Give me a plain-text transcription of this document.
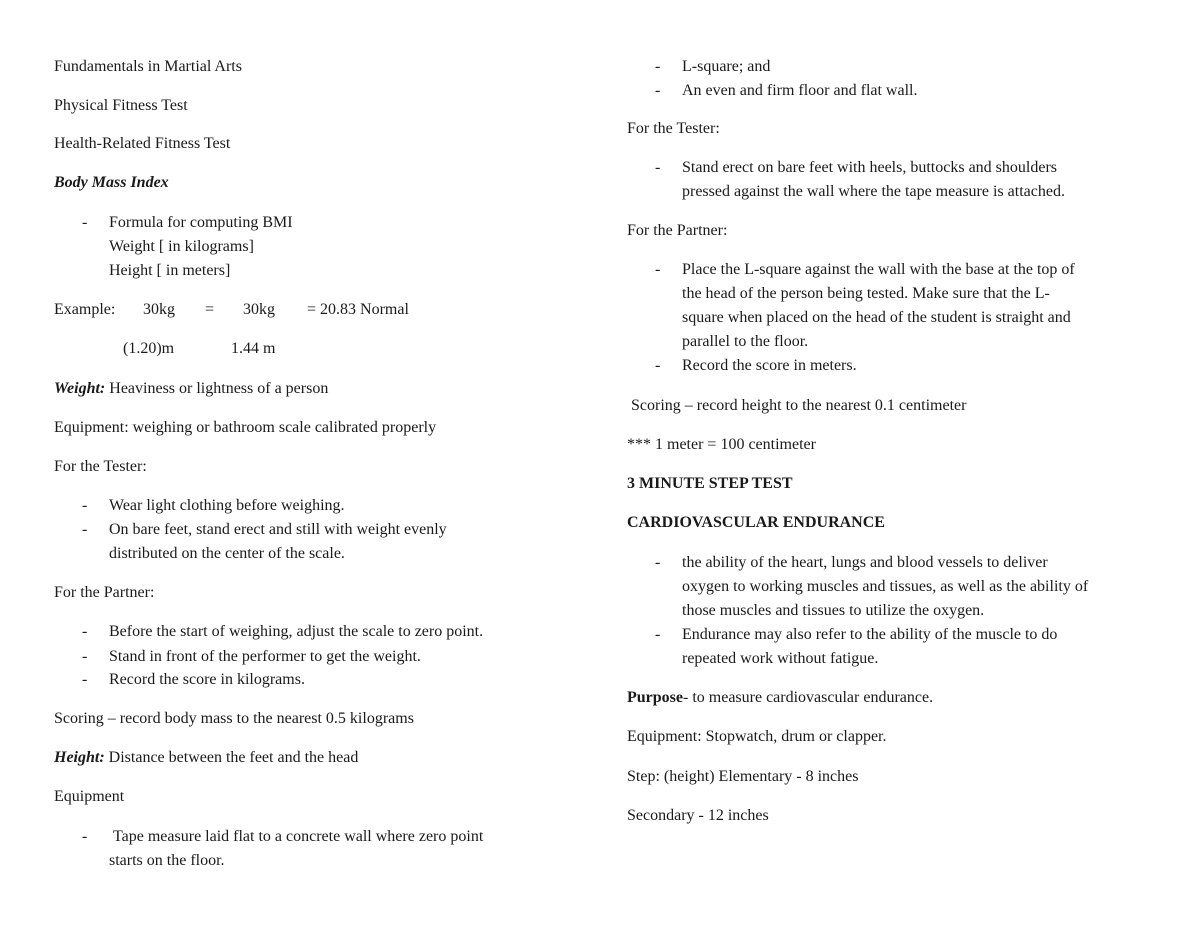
Fundamentals in Martial Arts
Physical Fitness Test
Health-Related Fitness Test
Body Mass Index
- Formula for computing BMI
Weight [ in kilograms]
Height [ in meters]
Example: 30kg = 30kg = 20.83 Normal
(1.20)m	1.44 m
Weight: Heaviness or lightness of a person
Equipment: weighing or bathroom scale calibrated properly
For the Tester:
- Wear light clothing before weighing.
- On bare feet, stand erect and still with weight evenly
distributed on the center of the scale.
For the Partner:
- Before the start of weighing, adjust the scale to zero point.
- Stand in front of the performer to get the weight.
- Record the score in kilograms.
Scoring – record body mass to the nearest 0.5 kilograms
Height: Distance between the feet and the head
Equipment
- Tape measure laid flat to a concrete wall where zero point
starts on the floor.
- L-square; and
- An even and firm floor and flat wall.
For the Tester:
- Stand erect on bare feet with heels, buttocks and shoulders
pressed against the wall where the tape measure is attached.
For the Partner:
- Place the L-square against the wall with the base at the top of
the head of the person being tested. Make sure that the L-
square when placed on the head of the student is straight and
parallel to the floor.
- Record the score in meters.
Scoring – record height to the nearest 0.1 centimeter
*** 1 meter = 100 centimeter
3 MINUTE STEP TEST
CARDIOVASCULAR ENDURANCE
- the ability of the heart, lungs and blood vessels to deliver
oxygen to working muscles and tissues, as well as the ability of
those muscles and tissues to utilize the oxygen.
- Endurance may also refer to the ability of the muscle to do
repeated work without fatigue.
Purpose- to measure cardiovascular endurance.
Equipment: Stopwatch, drum or clapper.
Step: (height) Elementary - 8 inches
Secondary - 12 inches
